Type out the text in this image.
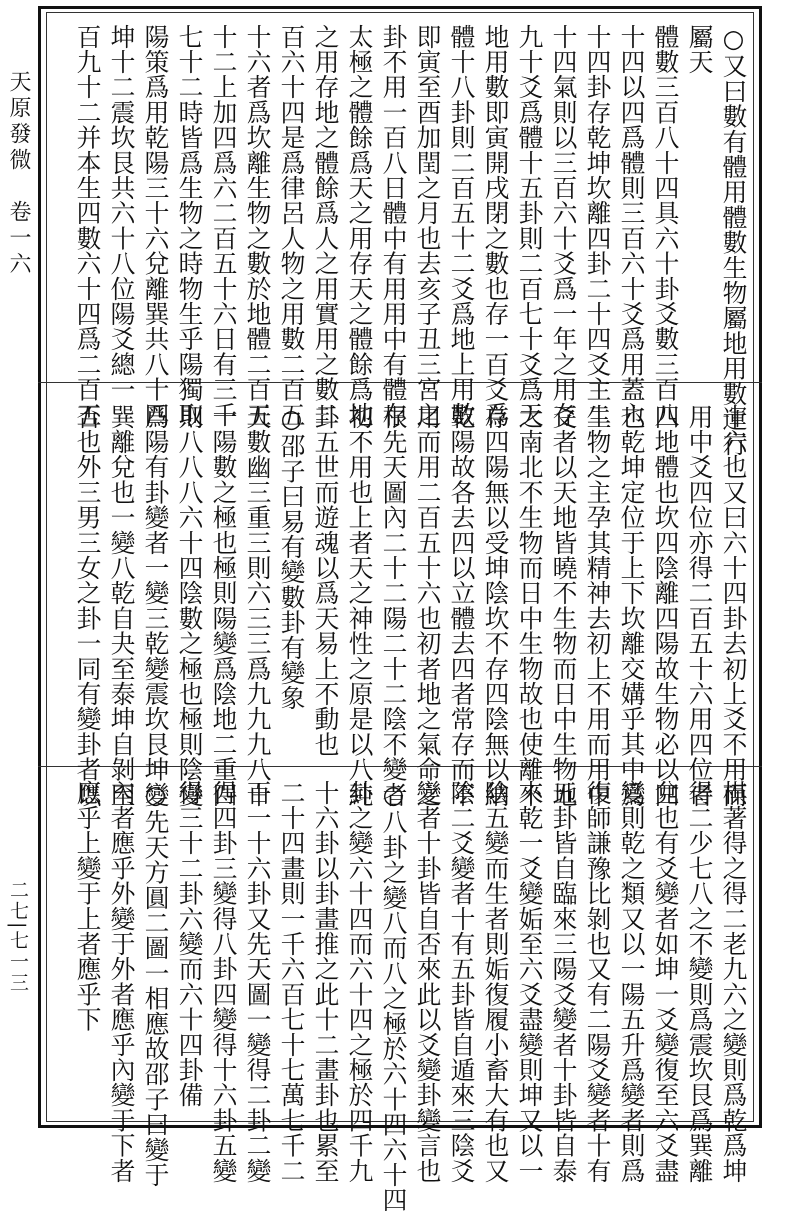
天原發微　卷一六
二七|七一三
○又曰數有體用體數生物屬地用數運行
屬天
體數三百八十四具六十卦爻數三百八
十四以四爲體則三百六十爻爲用蓋六
十四卦存乾坤坎離四卦二十四爻主二
十四氣則以三百六十爻爲一年之用存
九十爻爲體十五卦則二百七十爻爲天
地用數即寅開戌閉之數也存一百爻爲
體十八卦則二百五十二爻爲地上用數
即寅至酉加閏之月也去亥子丑三宮之
卦不用一百八日體中有用用中有體存
太極之體餘爲天之用存天之體餘爲地
之用存地之體餘爲人之用實用之數二
百六十四是爲律呂人物之用數二百五
十六者爲坎離生物之數於地體二百五
十二上加四爲六二百五十六日有三千
七十二時皆爲生物之時物生乎陽獨取
陽策爲用乾陽三十六兌離巽共八十四
坤十二震坎艮共六十八位陽爻總一
百九十二并本生四數六十四爲二百五
十六也又曰六十四卦去初上爻不用而
用中爻四位亦得二百五十六用四位者
四地體也坎四陰離四陽故生物必以四
也乾坤定位于上下坎離交媾乎其中爲
生物之主孕其精神去初上不用而用中
爻者以天地皆曉不生物而日中生物地
之南北不生物而日中生物故也使離不
存四陽無以受坤陰坎不存四陰無以納
乾陽故各去四以立體去四者常存而不
用而用二百五十六也初者地之氣命之
根先天圖內二十二陽二十二陰不變者
初不用也上者天之神性之原是以八純
卦五世而遊魂以爲天易上不動也
○邵子曰易有變數卦有變象
天數幽三重三則六三三爲九九九八十
一陽數之極也極則陽變爲陰地二重四
則八八八六十四陰數之極也極則陰變
爲陽有卦變者一變三乾變震坎艮坤變
巽離兌也一變八乾自夬至泰坤自剝至
否也外三男三女之卦一同有變卦者以
棋著得之得二老九六之變則爲乾爲坤
得二少七八之不變則爲震坎艮爲巽離
兌也有爻變者如坤一爻變復至六爻盡
變則乾之類又以一陽五升爲變者則爲
復師謙豫比剝也又有二陽爻變者十有
五卦皆自臨來三陽爻變者十卦皆自泰
來乾一爻變姤至六爻盡變則坤又以一
陰五變而生者則姤復履小畜大有也又
陰二爻變者十有五卦皆自遁來三陰爻
變者十卦皆自否來此以爻變卦變言也
○八卦之變八而八之極於六十四六十四
卦之變六十四而六十四之極於四千九
十六卦以卦畫推之此十二畫卦也累至
二十四畫則一千六百七十七萬七千二
百一十六卦又先天圖一變得二卦二變
得四卦三變得八卦四變得十六卦五變
得三十二卦六變而六十四卦備
○先天方圓二圖一相應故邵子曰變于
內者應乎外變于外者應乎內變于下者
應乎上變于上者應乎下
